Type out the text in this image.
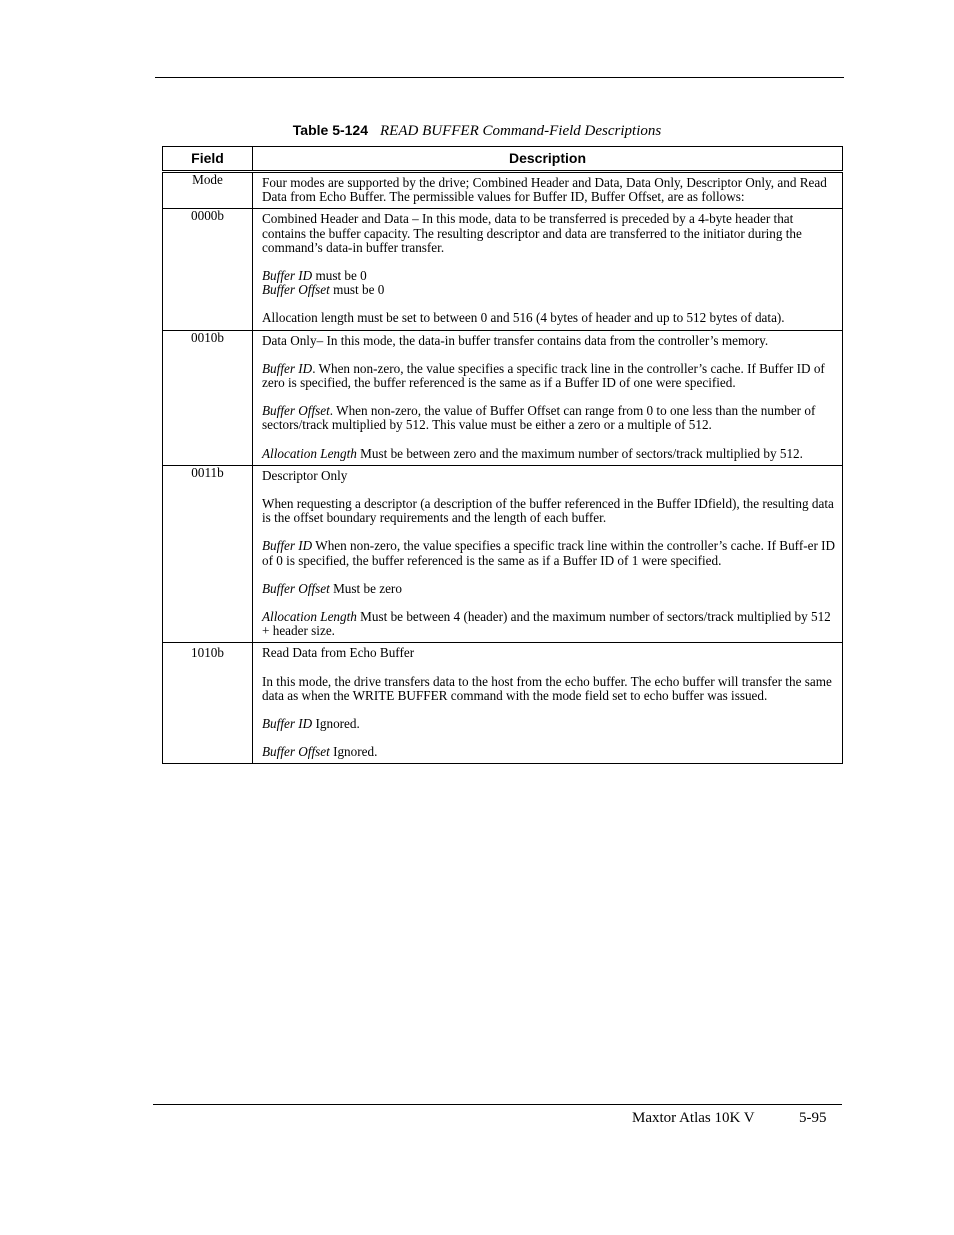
Table 5-124 READ BUFFER Command-Field Descriptions
Field	Description
Mode	Four modes are supported by the drive; Combined Header and Data, Data Only, Descriptor Only, and Read Data from Echo Buffer. The permissible values for Buffer ID, Buffer Offset, are as follows:

0000b	Combined Header and Data – In this mode, data to be transferred is preceded by a 4-byte header that contains the buffer capacity. The resulting descriptor and data are transferred to the initiator during the command’s data-in buffer transfer.

Buffer ID must be 0

Buffer Offset must be 0

Allocation length must be set to between 0 and 516 (4 bytes of header and up to 512 bytes of data).

0010b	Data Only– In this mode, the data-in buffer transfer contains data from the controller’s memory.

Buffer ID. When non-zero, the value specifies a specific track line in the controller’s cache. If Buffer ID of zero is specified, the buffer referenced is the same as if a Buffer ID of one were specified.

Buffer Offset. When non-zero, the value of Buffer Offset can range from 0 to one less than the number of sectors/track multiplied by 512. This value must be either a zero or a multiple of 512.

Allocation Length Must be between zero and the maximum number of sectors/track multiplied by 512.

0011b	Descriptor Only

When requesting a descriptor (a description of the buffer referenced in the Buffer IDfield), the resulting data is the offset boundary requirements and the length of each buffer.

Buffer ID When non-zero, the value specifies a specific track line within the controller’s cache. If Buff-er ID of 0 is specified, the buffer referenced is the same as if a Buffer ID of 1 were specified.

Buffer Offset Must be zero

Allocation Length Must be between 4 (header) and the maximum number of sectors/track multiplied by 512 + header size.

1010b	Read Data from Echo Buffer

In this mode, the drive transfers data to the host from the echo buffer. The echo buffer will transfer the same data as when the WRITE BUFFER command with the mode field set to echo buffer was issued.

Buffer ID Ignored.

Buffer Offset Ignored.

Maxtor Atlas 10K V	5-95
